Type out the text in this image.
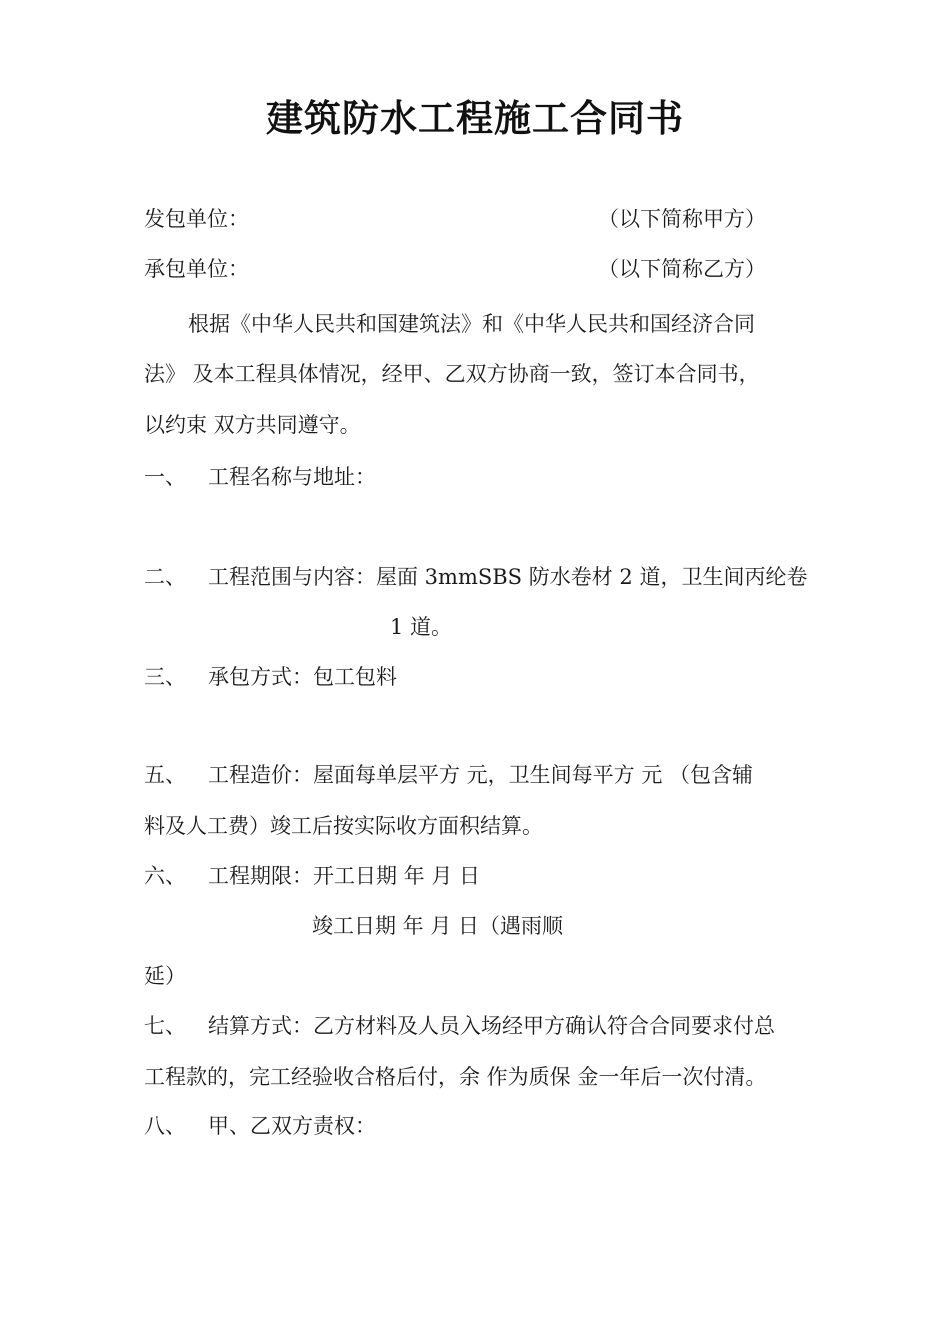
建筑防水工程施工合同书
发包单位：	（以下简称甲方）
承包单位：	（以下简称乙方）
根据《中华人民共和国建筑法》和《中华人民共和国经济合同
法》 及本工程具体情况，经甲、乙双方协商一致，签订本合同书，
以约束 双方共同遵守。
一、 工程名称与地址：
二、 工程范围与内容：屋面 3mmSBS 防水卷材 2 道，卫生间丙纶卷
1 道。
三、 承包方式：包工包料
五、 工程造价：屋面每单层平方 元，卫生间每平方 元 （包含辅
料及人工费）竣工后按实际收方面积结算。
六、 工程期限：开工日期 年 月 日
竣工日期 年 月 日（遇雨顺
延）
七、 结算方式：乙方材料及人员入场经甲方确认符合合同要求付总
工程款的，完工经验收合格后付，余 作为质保 金一年后一次付清。
八、 甲、乙双方责权：
